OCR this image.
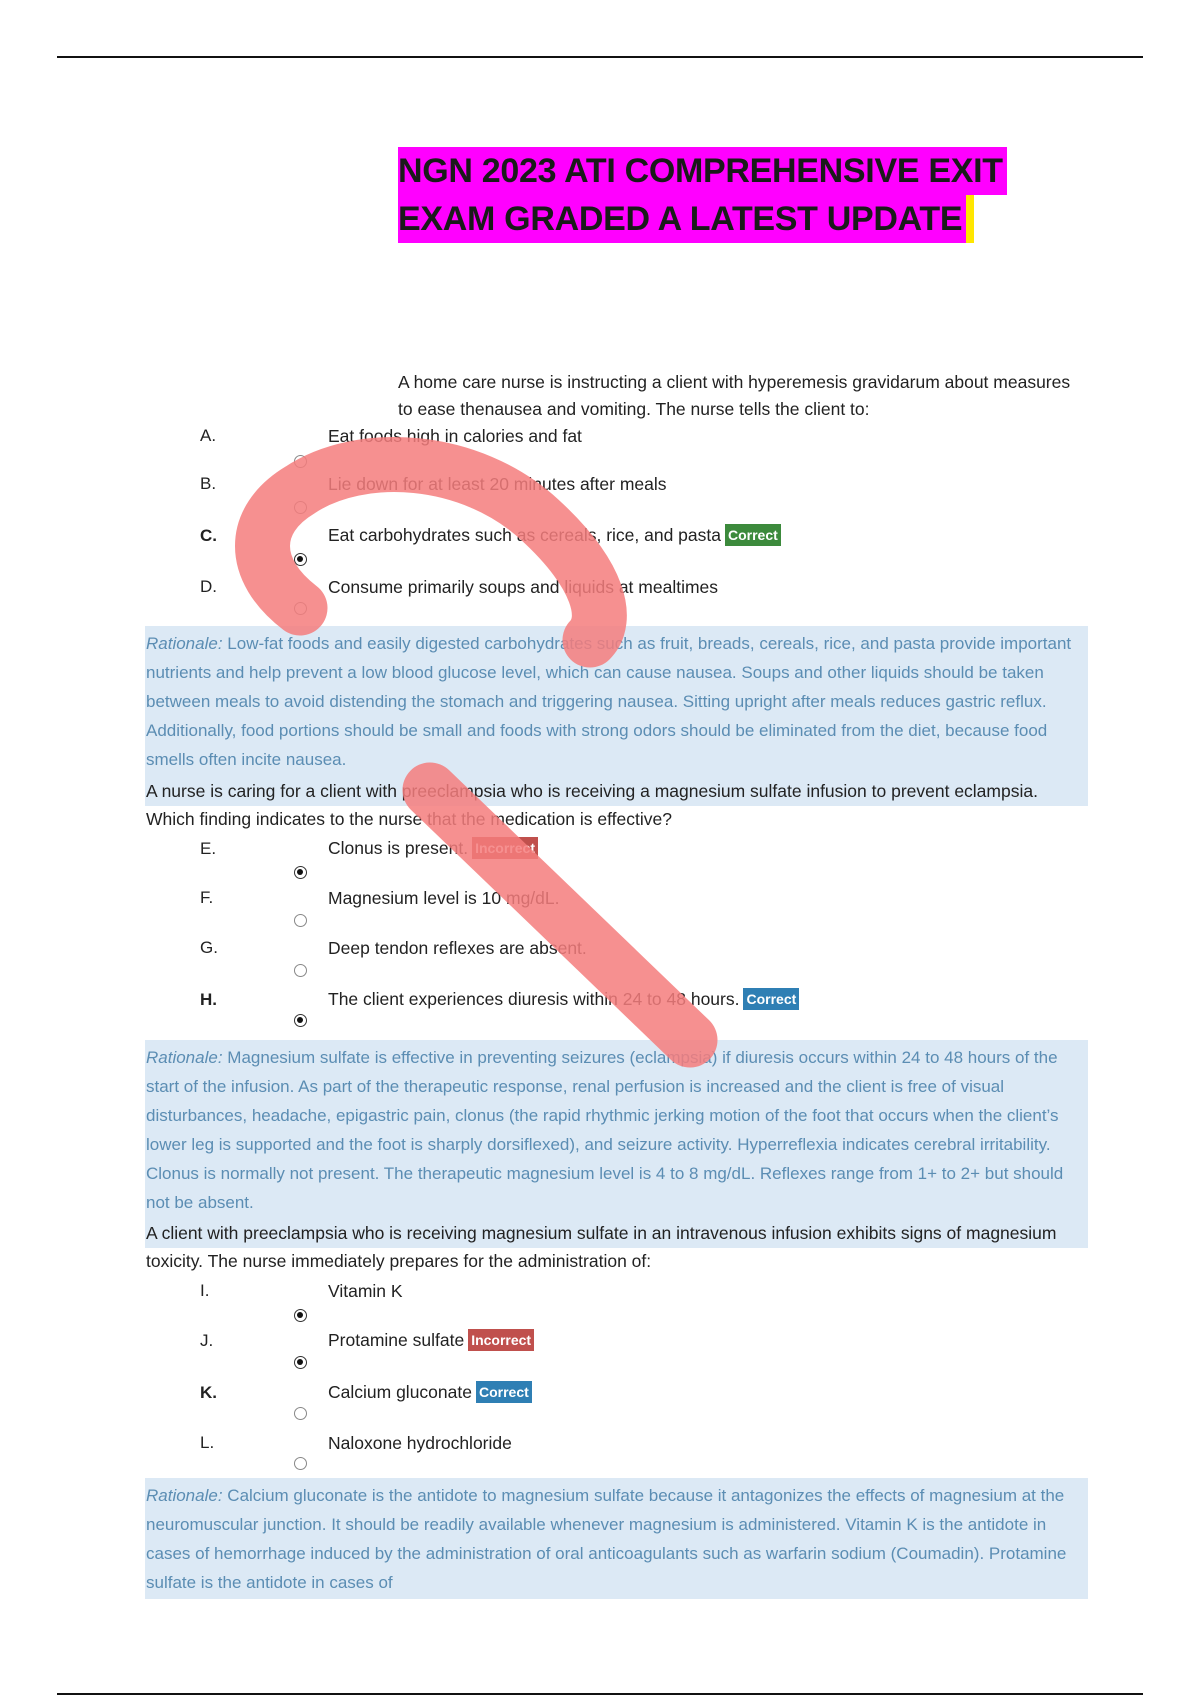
NGN 2023 ATI COMPREHENSIVE EXIT
EXAM GRADED A LATEST UPDATE
A home care nurse is instructing a client with hyperemesis gravidarum about measures to ease thenausea and vomiting. The nurse tells the client to:
A.	Eat foods high in calories and fat
B.	Lie down for at least 20 minutes after meals
C.	Eat carbohydrates such as cereals, rice, and pasta Correct
D.	Consume primarily soups and liquids at mealtimes
Rationale: Low-fat foods and easily digested carbohydrates such as fruit, breads, cereals, rice, and pasta provide important nutrients and help prevent a low blood glucose level, which can cause nausea. Soups and other liquids should be taken between meals to avoid distending the stomach and triggering nausea. Sitting upright after meals reduces gastric reflux. Additionally, food portions should be small and foods with strong odors should be eliminated from the diet, because food smells often incite nausea.
A nurse is caring for a client with preeclampsia who is receiving a magnesium sulfate infusion to prevent eclampsia. Which finding indicates to the nurse that the medication is effective?
E.	Clonus is present. Incorrect
F.	Magnesium level is 10 mg/dL.
G.	Deep tendon reflexes are absent.
H.	The client experiences diuresis within 24 to 48 hours. Correct
Rationale: Magnesium sulfate is effective in preventing seizures (eclampsia) if diuresis occurs within 24 to 48 hours of the start of the infusion. As part of the therapeutic response, renal perfusion is increased and the client is free of visual disturbances, headache, epigastric pain, clonus (the rapid rhythmic jerking motion of the foot that occurs when the client’s lower leg is supported and the foot is sharply dorsiflexed), and seizure activity. Hyperreflexia indicates cerebral irritability. Clonus is normally not present. The therapeutic magnesium level is 4 to 8 mg/dL. Reflexes range from 1+ to 2+ but should not be absent.
A client with preeclampsia who is receiving magnesium sulfate in an intravenous infusion exhibits signs of magnesium toxicity. The nurse immediately prepares for the administration of:
I.	Vitamin K
J.	Protamine sulfate Incorrect
K.	Calcium gluconate Correct
L.	Naloxone hydrochloride
Rationale: Calcium gluconate is the antidote to magnesium sulfate because it antagonizes the effects of magnesium at the neuromuscular junction. It should be readily available whenever magnesium is administered. Vitamin K is the antidote in cases of hemorrhage induced by the administration of oral anticoagulants such as warfarin sodium (Coumadin). Protamine sulfate is the antidote in cases of
